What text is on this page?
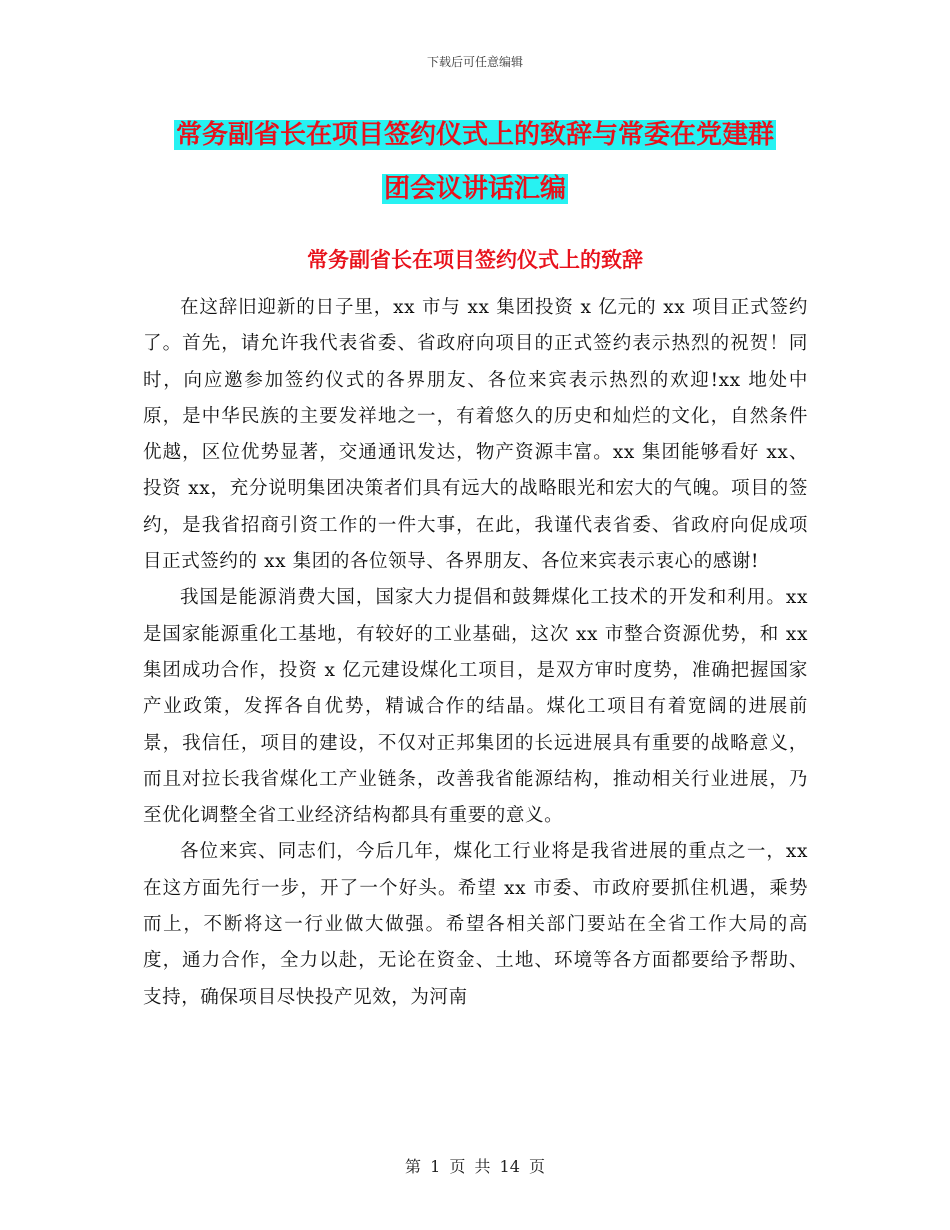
下载后可任意编辑
常务副省长在项目签约仪式上的致辞与常委在党建群
团会议讲话汇编
常务副省长在项目签约仪式上的致辞

在这辞旧迎新的日子里，xx 市与 xx 集团投资 x 亿元的 xx 项目正式签约了。首先，请允许我代表省委、省政府向项目的正式签约表示热烈的祝贺！同时，向应邀参加签约仪式的各界朋友、各位来宾表示热烈的欢迎!xx 地处中原，是中华民族的主要发祥地之一，有着悠久的历史和灿烂的文化，自然条件优越，区位优势显著，交通通讯发达，物产资源丰富。xx 集团能够看好 xx、投资 xx，充分说明集团决策者们具有远大的战略眼光和宏大的气魄。项目的签约，是我省招商引资工作的一件大事，在此，我谨代表省委、省政府向促成项目正式签约的 xx 集团的各位领导、各界朋友、各位来宾表示衷心的感谢!

我国是能源消费大国，国家大力提倡和鼓舞煤化工技术的开发和利用。xx 是国家能源重化工基地，有较好的工业基础，这次 xx 市整合资源优势，和 xx 集团成功合作，投资 x 亿元建设煤化工项目，是双方审时度势，准确把握国家产业政策，发挥各自优势，精诚合作的结晶。煤化工项目有着宽阔的进展前景，我信任，项目的建设，不仅对正邦集团的长远进展具有重要的战略意义，而且对拉长我省煤化工产业链条，改善我省能源结构，推动相关行业进展，乃至优化调整全省工业经济结构都具有重要的意义。

各位来宾、同志们，今后几年，煤化工行业将是我省进展的重点之一，xx 在这方面先行一步，开了一个好头。希望 xx 市委、市政府要抓住机遇，乘势而上，不断将这一行业做大做强。希望各相关部门要站在全省工作大局的高度，通力合作，全力以赴，无论在资金、土地、环境等各方面都要给予帮助、支持，确保项目尽快投产见效，为河南

第 1 页 共 14 页
